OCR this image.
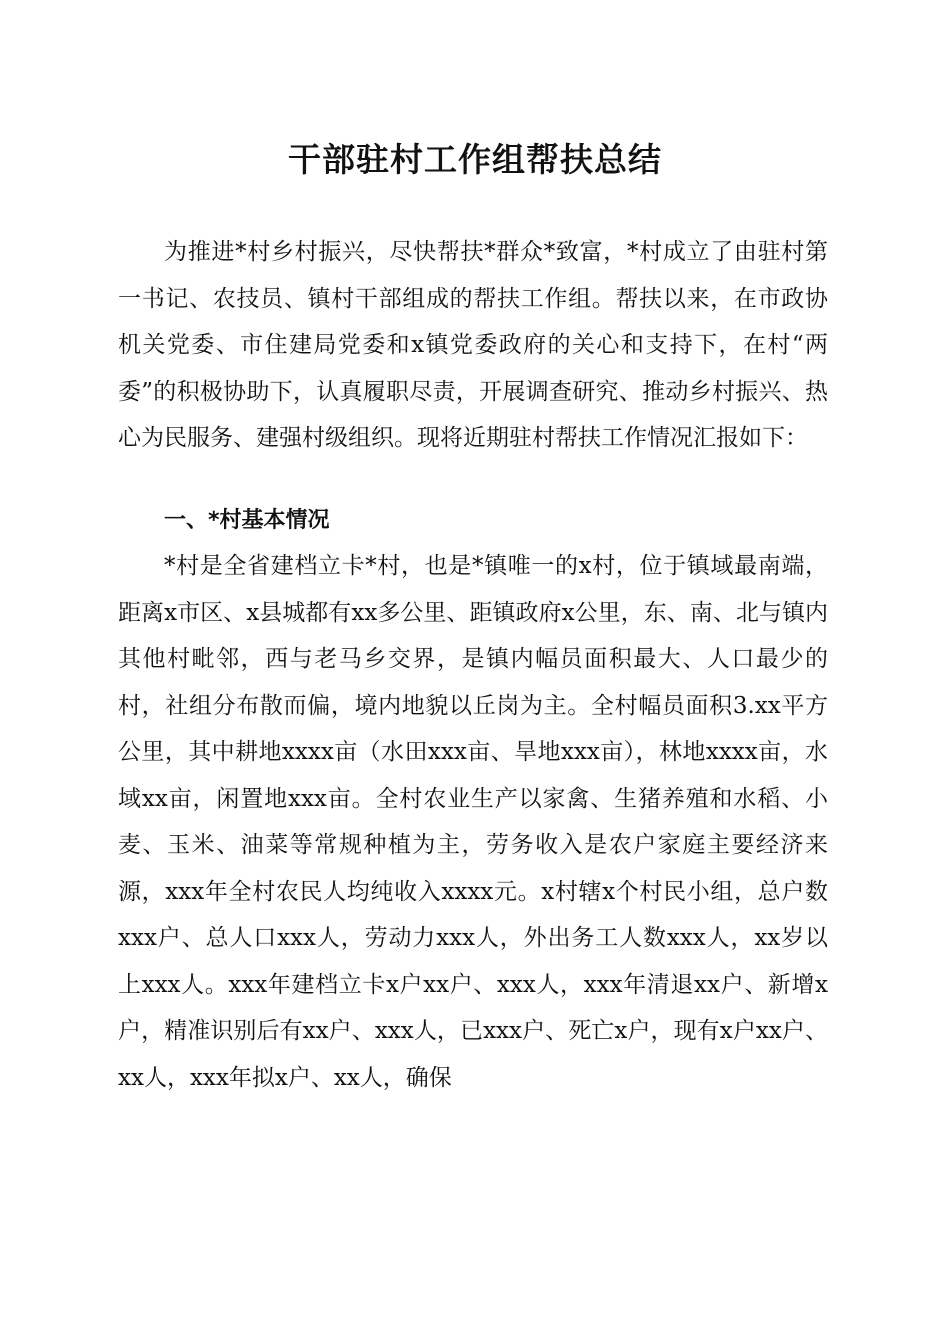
干部驻村工作组帮扶总结
为推进*村乡村振兴，尽快帮扶*群众*致富，*村成立了由驻村第一书记、农技员、镇村干部组成的帮扶工作组。帮扶以来，在市政协机关党委、市住建局党委和x镇党委政府的关心和支持下，在村“两委”的积极协助下，认真履职尽责，开展调查研究、推动乡村振兴、热心为民服务、建强村级组织。现将近期驻村帮扶工作情况汇报如下：
一、*村基本情况
*村是全省建档立卡*村，也是*镇唯一的x村，位于镇域最南端，距离x市区、x县城都有xx多公里、距镇政府x公里，东、南、北与镇内其他村毗邻，西与老马乡交界，是镇内幅员面积最大、人口最少的村，社组分布散而偏，境内地貌以丘岗为主。全村幅员面积3.xx平方公里，其中耕地xxxx亩（水田xxx亩、旱地xxx亩），林地xxxx亩，水域xx亩，闲置地xxx亩。全村农业生产以家禽、生猪养殖和水稻、小麦、玉米、油菜等常规种植为主，劳务收入是农户家庭主要经济来源，xxx年全村农民人均纯收入xxxx元。x村辖x个村民小组，总户数xxx户、总人口xxx人，劳动力xxx人，外出务工人数xxx人，xx岁以上xxx人。xxx年建档立卡x户xx户、xxx人，xxx年清退xx户、新增x户，精准识别后有xx户、xxx人，已xxx户、死亡x户，现有x户xx户、xx人，xxx年拟x户、xx人，确保
